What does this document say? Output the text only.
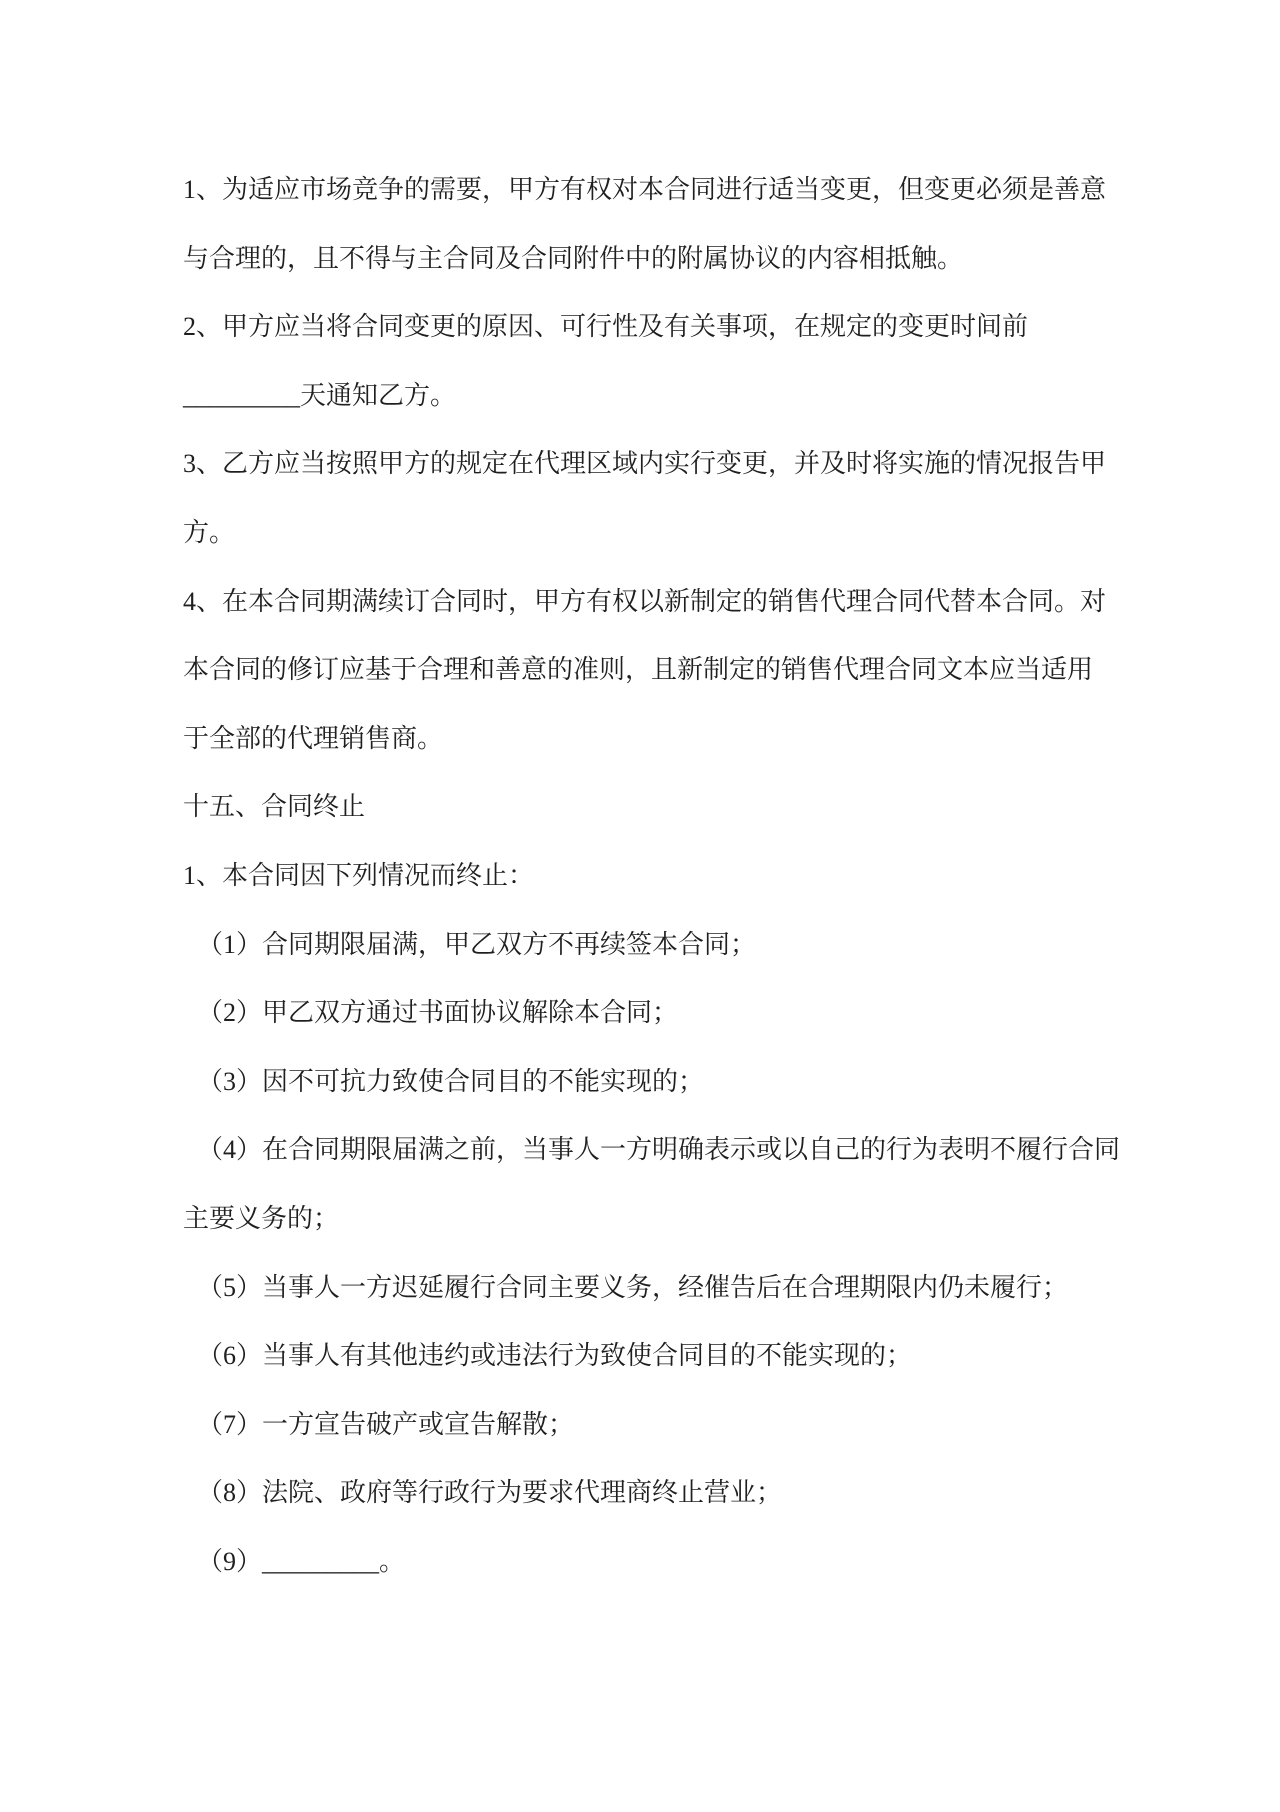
1、为适应市场竞争的需要，甲方有权对本合同进行适当变更，但变更必须是善意
与合理的，且不得与主合同及合同附件中的附属协议的内容相抵触。
2、甲方应当将合同变更的原因、可行性及有关事项，在规定的变更时间前
_________天通知乙方。
3、乙方应当按照甲方的规定在代理区域内实行变更，并及时将实施的情况报告甲
方。
4、在本合同期满续订合同时，甲方有权以新制定的销售代理合同代替本合同。对
本合同的修订应基于合理和善意的准则，且新制定的销售代理合同文本应当适用
于全部的代理销售商。
十五、合同终止
1、本合同因下列情况而终止：
（1）合同期限届满，甲乙双方不再续签本合同；
（2）甲乙双方通过书面协议解除本合同；
（3）因不可抗力致使合同目的不能实现的；
（4）在合同期限届满之前，当事人一方明确表示或以自己的行为表明不履行合同
主要义务的；
（5）当事人一方迟延履行合同主要义务，经催告后在合理期限内仍未履行；
（6）当事人有其他违约或违法行为致使合同目的不能实现的；
（7）一方宣告破产或宣告解散；
（8）法院、政府等行政行为要求代理商终止营业；
（9）_________。
